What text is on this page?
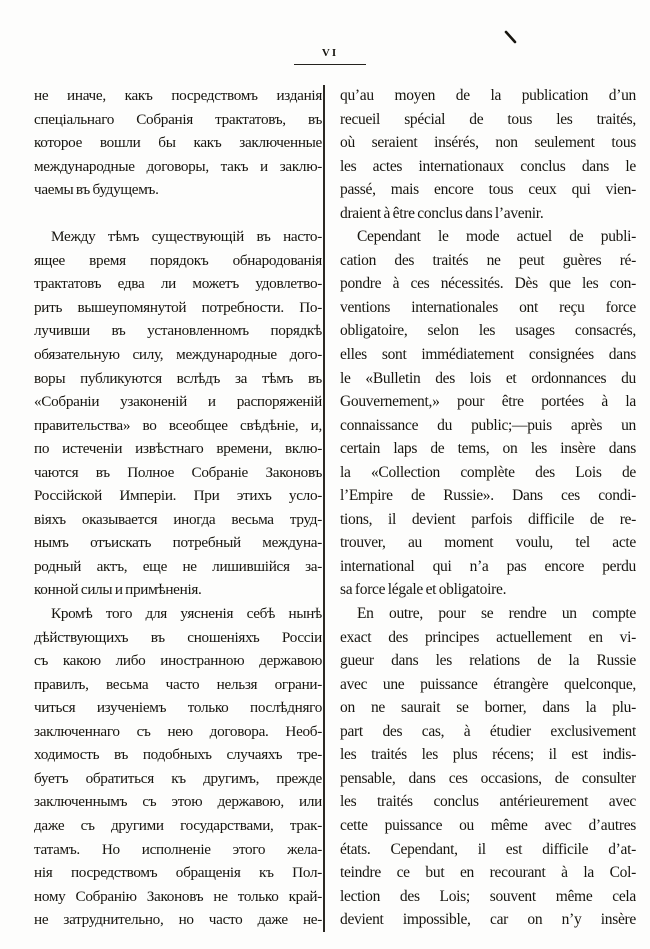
vi
не иначе, какъ посредствомъ изданія
спеціальнаго Собранія трактатовъ, въ
которое вошли бы какъ заключенные
международные договоры, такъ и заклю-
чаемы въ будущемъ.
Между тѣмъ существующій въ насто-
ящее время порядокъ обнародованія
трактатовъ едва ли можетъ удовлетво-
рить вышеупомянутой потребности. По-
лучивши въ установленномъ порядкѣ
обязательную силу, международные дого-
воры публикуются вслѣдъ за тѣмъ въ
«Собраніи узаконеній и распоряженій
правительства» во всеобщее свѣдѣніе, и,
по истеченіи извѣстнаго времени, вклю-
чаются въ Полное Собраніе Законовъ
Россійской Имперіи. При этихъ усло-
віяхъ оказывается иногда весьма труд-
нымъ отъискать потребный междуна-
родный актъ, еще не лишившійся за-
конной силы и примѣненія.
Кромѣ того для уясненія себѣ нынѣ
дѣйствующихъ въ сношеніяхъ Россіи
съ какою либо иностранною державою
правилъ, весьма часто нельзя ограни-
читься изученіемъ только послѣдняго
заключеннаго съ нею договора. Необ-
ходимость въ подобныхъ случаяхъ тре-
буетъ обратиться къ другимъ, прежде
заключеннымъ съ этою державою, или
даже съ другими государствами, трак-
татамъ. Но исполненіе этого жела-
нія посредствомъ обращенія къ Пол-
ному Собранію Законовъ не только край-
не затруднительно, но часто даже не-
qu’au moyen de la publication d’un
recueil spécial de tous les traités,
où seraient insérés, non seulement tous
les actes internationaux conclus dans le
passé, mais encore tous ceux qui vien-
draient à être conclus dans l’avenir.
Cependant le mode actuel de publi-
cation des traités ne peut guères ré-
pondre à ces nécessités. Dès que les con-
ventions internationales ont reçu force
obligatoire, selon les usages consacrés,
elles sont immédiatement consignées dans
le «Bulletin des lois et ordonnances du
Gouvernement,» pour être portées à la
connaissance du public;—puis après un
certain laps de tems, on les insère dans
la «Collection complète des Lois de
l’Empire de Russie». Dans ces condi-
tions, il devient parfois difficile de re-
trouver, au moment voulu, tel acte
international qui n’a pas encore perdu
sa force légale et obligatoire.
En outre, pour se rendre un compte
exact des principes actuellement en vi-
gueur dans les relations de la Russie
avec une puissance étrangère quelconque,
on ne saurait se borner, dans la plu-
part des cas, à étudier exclusivement
les traités les plus récens; il est indis-
pensable, dans ces occasions, de consulter
les traités conclus antérieurement avec
cette puissance ou même avec d’autres
états. Cependant, il est difficile d’at-
teindre ce but en recourant à la Col-
lection des Lois; souvent même cela
devient impossible, car on n’y insère
